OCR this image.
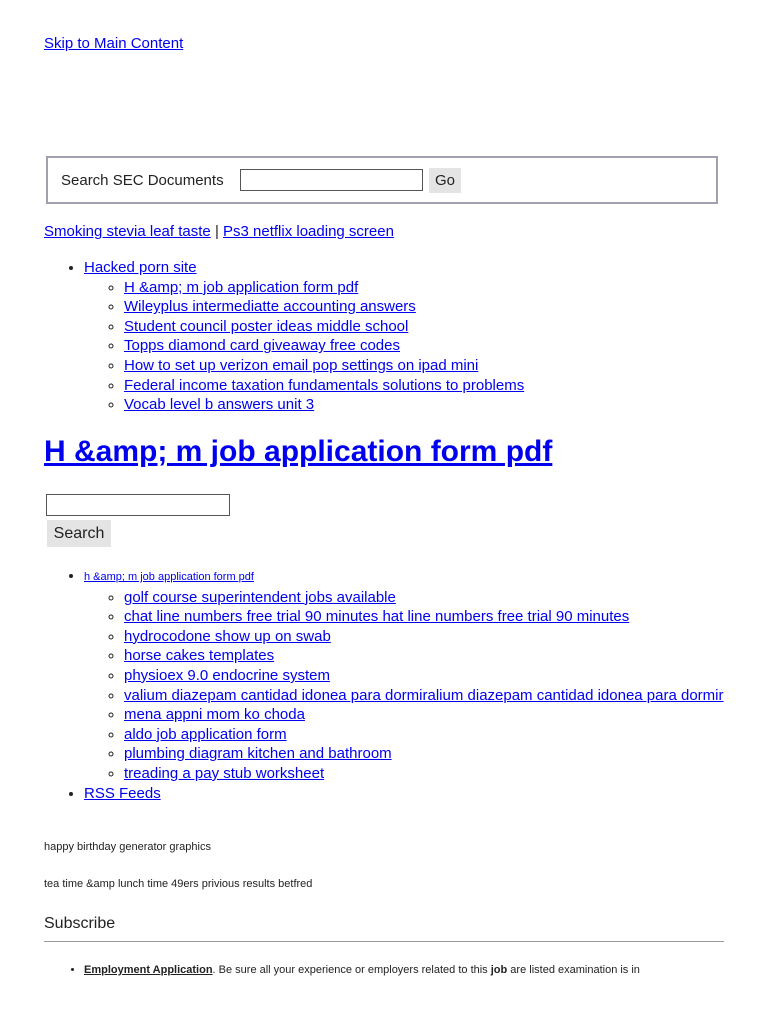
Skip to Main Content
Search SEC Documents	Go
Smoking stevia leaf taste | Ps3 netflix loading screen
• Hacked porn site
◦ H &amp; m job application form pdf
◦ Wileyplus intermediatte accounting answers
◦ Student council poster ideas middle school
◦ Topps diamond card giveaway free codes
◦ How to set up verizon email pop settings on ipad mini
◦ Federal income taxation fundamentals solutions to problems
◦ Vocab level b answers unit 3
H &amp; m job application form pdf
Search
• h &amp; m job application form pdf
◦ golf course superintendent jobs available
◦ chat line numbers free trial 90 minutes hat line numbers free trial 90 minutes
◦ hydrocodone show up on swab
◦ horse cakes templates
◦ physioex 9.0 endocrine system
◦ valium diazepam cantidad idonea para dormiralium diazepam cantidad idonea para dormir
◦ mena appni mom ko choda
◦ aldo job application form
◦ plumbing diagram kitchen and bathroom
◦ treading a pay stub worksheet
• RSS Feeds
happy birthday generator graphics
tea time &amp lunch time 49ers privious results betfred
Subscribe
• Employment Application. Be sure all your experience or employers related to this job are listed examination is in
